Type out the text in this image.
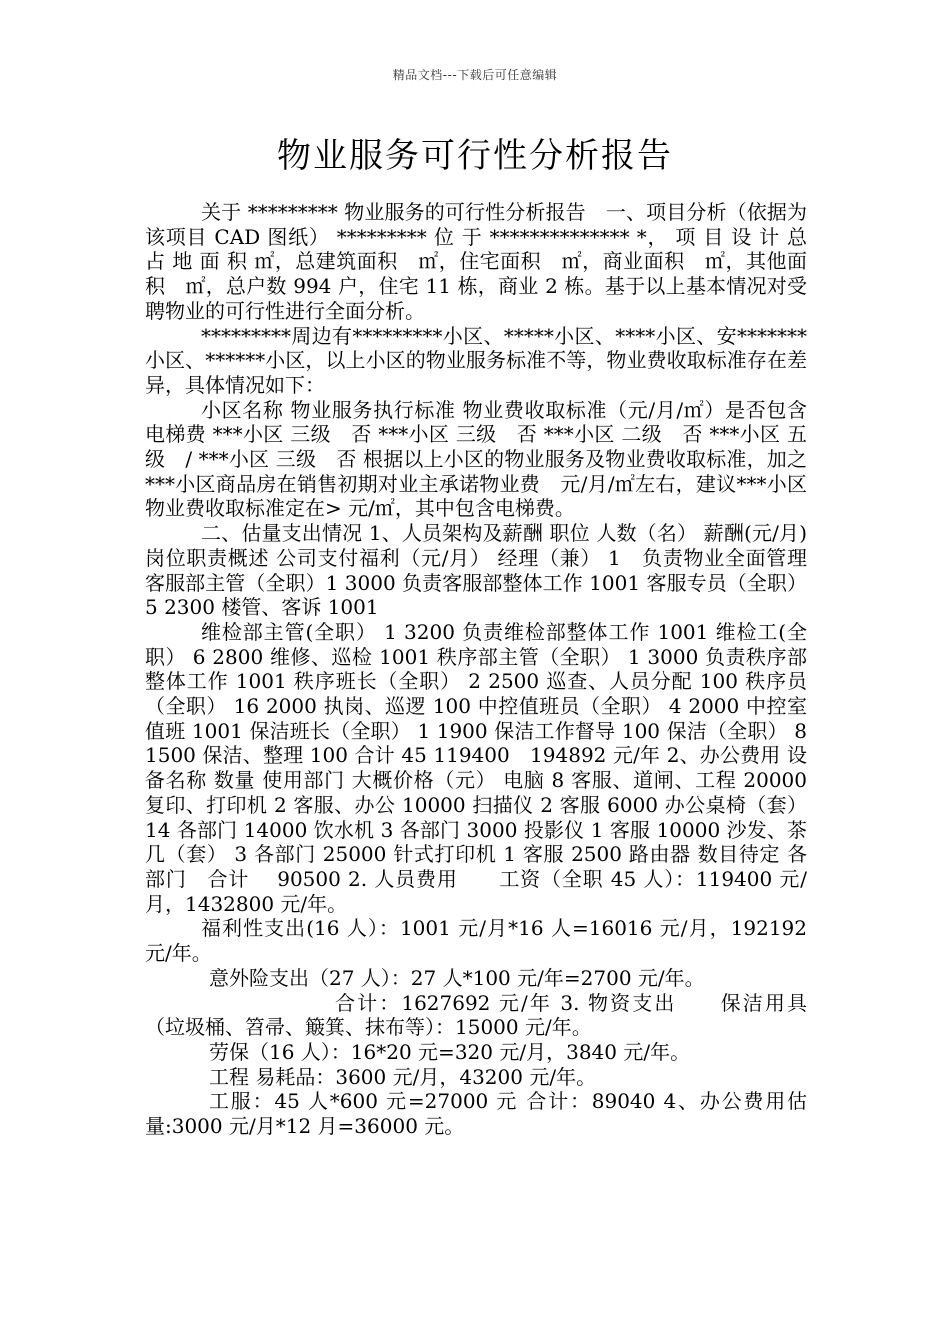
精品文档---下载后可任意编辑
物业服务可行性分析报告

关于 ********* 物业服务的可行性分析报告　一、项目分析（依据为该项目 CAD 图纸） ********* 位 于 ************** *， 项 目 设 计 总 占 地 面 积 ㎡，总建筑面积　㎡，住宅面积　㎡，商业面积　㎡，其他面积　㎡，总户数 994 户，住宅 11 栋，商业 2 栋。基于以上基本情况对受聘物业的可行性进行全面分析。

*********周边有*********小区、*****小区、****小区、安*******小区、******小区，以上小区的物业服务标准不等，物业费收取标准存在差异，具体情况如下：

小区名称 物业服务执行标准 物业费收取标准（元/月/㎡）是否包含电梯费 ***小区 三级　否 ***小区 三级　否 ***小区 二级　否 ***小区 五级　/ ***小区 三级　否 根据以上小区的物业服务及物业费收取标准，加之***小区商品房在销售初期对业主承诺物业费　元/月/㎡左右，建议***小区物业费收取标准定在> 元/㎡，其中包含电梯费。

二、估量支出情况 1、人员架构及薪酬 职位 人数（名） 薪酬(元/月) 岗位职责概述 公司支付福利（元/月） 经理（兼） 1　负责物业全面管理　客服部主管（全职）1 3000 负责客服部整体工作 1001 客服专员（全职） 5 2300 楼管、客诉 1001

维检部主管(全职） 1 3200 负责维检部整体工作 1001 维检工(全职） 6 2800 维修、巡检 1001 秩序部主管（全职） 1 3000 负责秩序部整体工作 1001 秩序班长（全职） 2 2500 巡查、人员分配 100 秩序员（全职） 16 2000 执岗、巡逻 100 中控值班员（全职） 4 2000 中控室值班 1001 保洁班长（全职） 1 1900 保洁工作督导 100 保洁（全职） 8 1500 保洁、整理 100 合计 45 119400　194892 元/年 2、办公费用 设备名称 数量 使用部门 大概价格（元） 电脑 8 客服、道闸、工程 20000 复印、打印机 2 客服、办公 10000 扫描仪 2 客服 6000 办公桌椅（套） 14 各部门 14000 饮水机 3 各部门 3000 投影仪 1 客服 10000 沙发、茶几（套） 3 各部门 25000 针式打印机 1 客服 2500 路由器 数目待定 各部门　合计　 90500 2. 人员费用　　工资（全职 45 人）：119400 元/月，1432800 元/年。

福利性支出(16 人）：1001 元/月*16 人=16016 元/月，192192 元/年。

意外险支出（27 人）：27 人*100 元/年=2700 元/年。

合计：1627692 元/年 3. 物资支出　　保洁用具（垃圾桶、笤帚、簸箕、抹布等）：15000 元/年。

劳保（16 人）：16*20 元=320 元/月，3840 元/年。

工程 易耗品：3600 元/月，43200 元/年。

工服：45 人*600 元=27000 元 合计：89040 4、办公费用估量:3000 元/月*12 月=36000 元。
